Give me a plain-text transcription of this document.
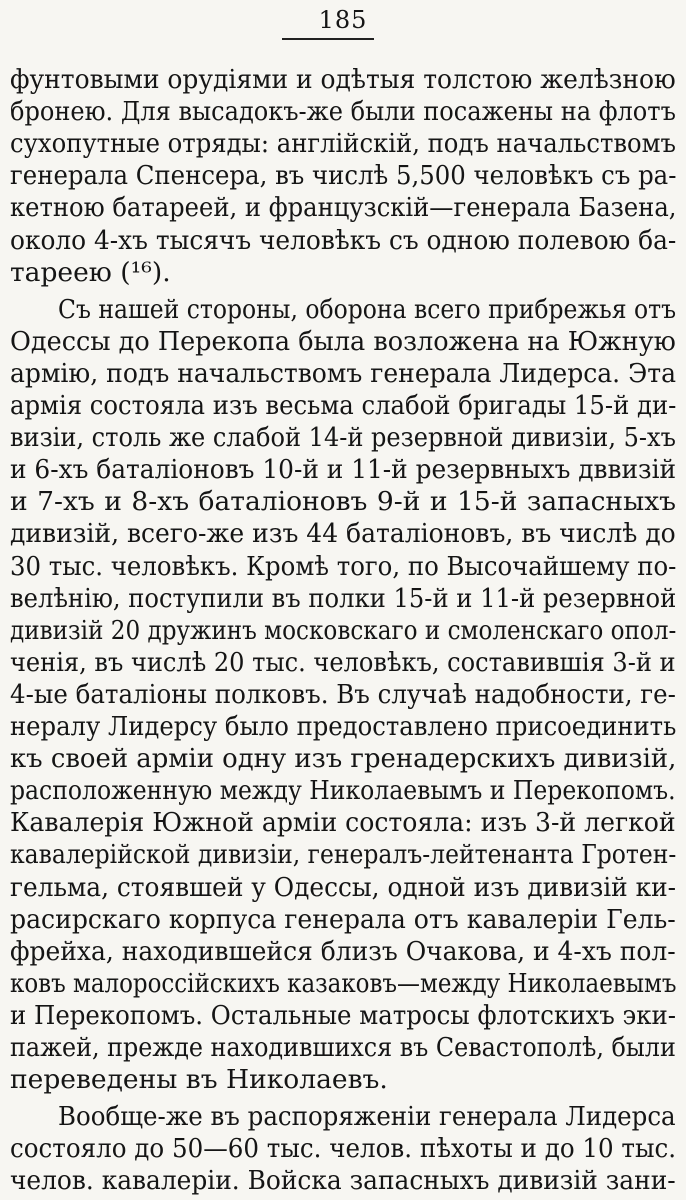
185
фунтовыми орудіями и одѣтыя толстою желѣзною
бронею. Для высадокъ-же были посажены на флотъ
сухопутные отряды: англійскій, подъ начальствомъ
генерала Спенсера, въ числѣ 5,500 человѣкъ съ ра-
кетною батареей, и французскій—генерала Базена,
около 4-хъ тысячъ человѣкъ съ одною полевою ба-
тареею (¹⁶).
Съ нашей стороны, оборона всего прибрежья отъ
Одессы до Перекопа была возложена на Южную
армію, подъ начальствомъ генерала Лидерса. Эта
армія состояла изъ весьма слабой бригады 15-й ди-
визіи, столь же слабой 14-й резервной дивизіи, 5-хъ
и 6-хъ баталіоновъ 10-й и 11-й резервныхъ дввизій
и 7-хъ и 8-хъ баталіоновъ 9-й и 15-й запасныхъ
дивизій, всего-же изъ 44 баталіоновъ, въ числѣ до
30 тыс. человѣкъ. Кромѣ того, по Высочайшему по-
велѣнію, поступили въ полки 15-й и 11-й резервной
дивизій 20 дружинъ московскаго и смоленскаго опол-
ченія, въ числѣ 20 тыс. человѣкъ, составившія 3-й и
4-ые баталіоны полковъ. Въ случаѣ надобности, ге-
нералу Лидерсу было предоставлено присоединить
къ своей арміи одну изъ гренадерскихъ дивизій,
расположенную между Николаевымъ и Перекопомъ.
Кавалерія Южной арміи состояла: изъ 3-й легкой
кавалерійской дивизіи, генералъ-лейтенанта Гротен-
гельма, стоявшей у Одессы, одной изъ дивизій ки-
расирскаго корпуса генерала отъ кавалеріи Гель-
фрейха, находившейся близъ Очакова, и 4-хъ пол-
ковъ малороссійскихъ казаковъ—между Николаевымъ
и Перекопомъ. Остальные матросы флотскихъ эки-
пажей, прежде находившихся въ Севастополѣ, были
переведены въ Николаевъ.
Вообще-же въ распоряженіи генерала Лидерса
состояло до 50—60 тыс. челов. пѣхоты и до 10 тыс.
челов. кавалеріи. Войска запасныхъ дивизій зани-
